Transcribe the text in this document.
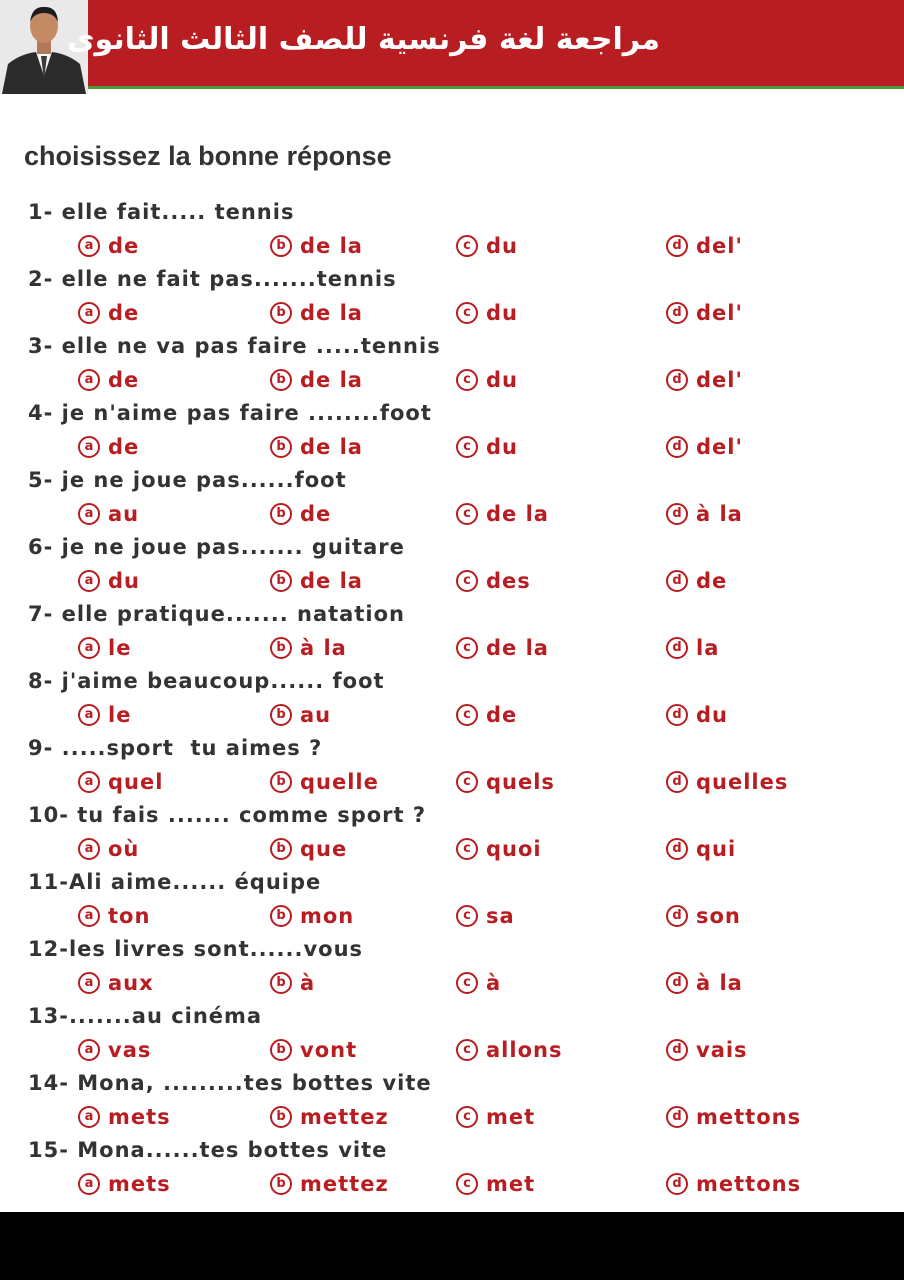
مراجعة لغة فرنسية للصف الثالث الثانوى
choisissez la bonne réponse
1- elle fait..... tennis
a de	b de la	c du	d del'
2- elle ne fait pas.......tennis
a de	b de la	c du	d del'
3- elle ne va pas faire .....tennis
a de	b de la	c du	d del'
4- je n'aime pas faire ........foot
a de	b de la	c du	d del'
5- je ne joue pas......foot
a au	b de	c de la	d à la
6- je ne joue pas....... guitare
a du	b de la	c des	d de
7- elle pratique....... natation
a le	b à la	c de la	d la
8- j'aime beaucoup...... foot
a le	b au	c de	d du
9- .....sport  tu aimes ?
a quel	b quelle	c quels	d quelles
10- tu fais ....... comme sport ?
a où	b que	c quoi	d qui
11-Ali aime...... équipe
a ton	b mon	c sa	d son
12-les livres sont......vous
a aux	b à	c à	d à la
13-.......au cinéma
a vas	b vont	c allons	d vais
14- Mona, .........tes bottes vite
a mets	b mettez	c met	d mettons
15- Mona......tes bottes vite
a mets	b mettez	c met	d mettons
